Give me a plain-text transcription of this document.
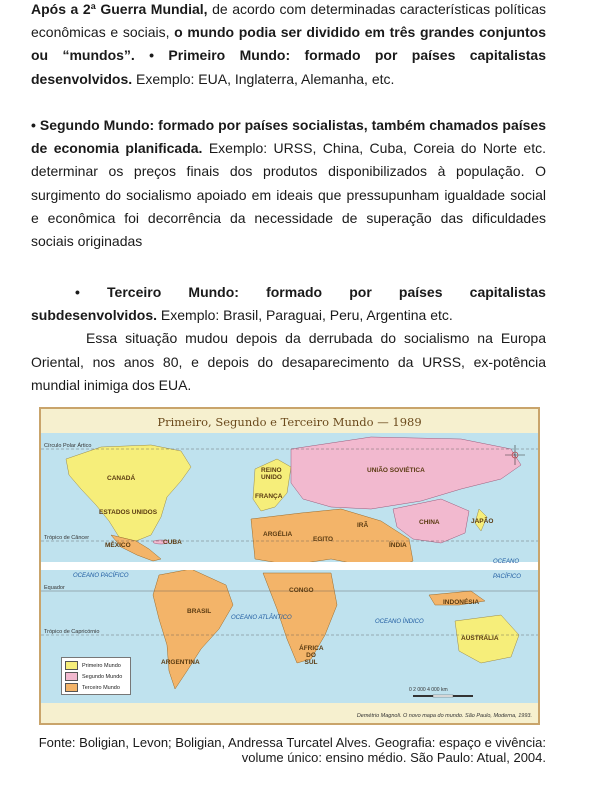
Após a 2ª Guerra Mundial, de acordo com determinadas características políticas econômicas e sociais, o mundo podia ser dividido em três grandes conjuntos ou “mundos”. • Primeiro Mundo: formado por países capitalistas desenvolvidos. Exemplo: EUA, Inglaterra, Alemanha, etc.
• Segundo Mundo: formado por países socialistas, também chamados países de economia planificada. Exemplo: URSS, China, Cuba, Coreia do Norte etc. determinar os preços finais dos produtos disponibilizados à população. O surgimento do socialismo apoiado em ideais que pressupunham igualdade social e econômica foi decorrência da necessidade de superação das dificuldades sociais originadas
• Terceiro Mundo: formado por países capitalistas
subdesenvolvidos. Exemplo: Brasil, Paraguai, Peru, Argentina etc.
Essa situação mudou depois da derrubada do socialismo na Europa Oriental, nos anos 80, e depois do desaparecimento da URSS, ex-potência mundial inimiga dos EUA.
Primeiro, Segundo e Terceiro Mundo — 1989
Círculo Polar Ártico
Trópico de Câncer
Equador
Trópico de Capricórnio
CANADÁ
ESTADOS UNIDOS
MÉXICO	CUBA
REINO UNIDO
FRANÇA
UNIÃO SOVIÉTICA
ARGÉLIA
EGITO
IRÃ	CHINA	JAPÃO
ÍNDIA
CONGO
BRASIL
INDONÉSIA
AUSTRÁLIA
ÁFRICA DO SUL
ARGENTINA
OCEANO PACÍFICO
OCEANO ATLÂNTICO
OCEANO ÍNDICO
OCEANO
PACÍFICO
Primeiro Mundo
Segundo Mundo
Terceiro Mundo	0 2 000 4 000 km
Demétrio Magnoli. O novo mapa do mundo. São Paulo, Moderna, 1993.
Fonte: Boligian, Levon; Boligian, Andressa Turcatel Alves. Geografia: espaço e vivência: volume único: ensino médio. São Paulo: Atual, 2004.
